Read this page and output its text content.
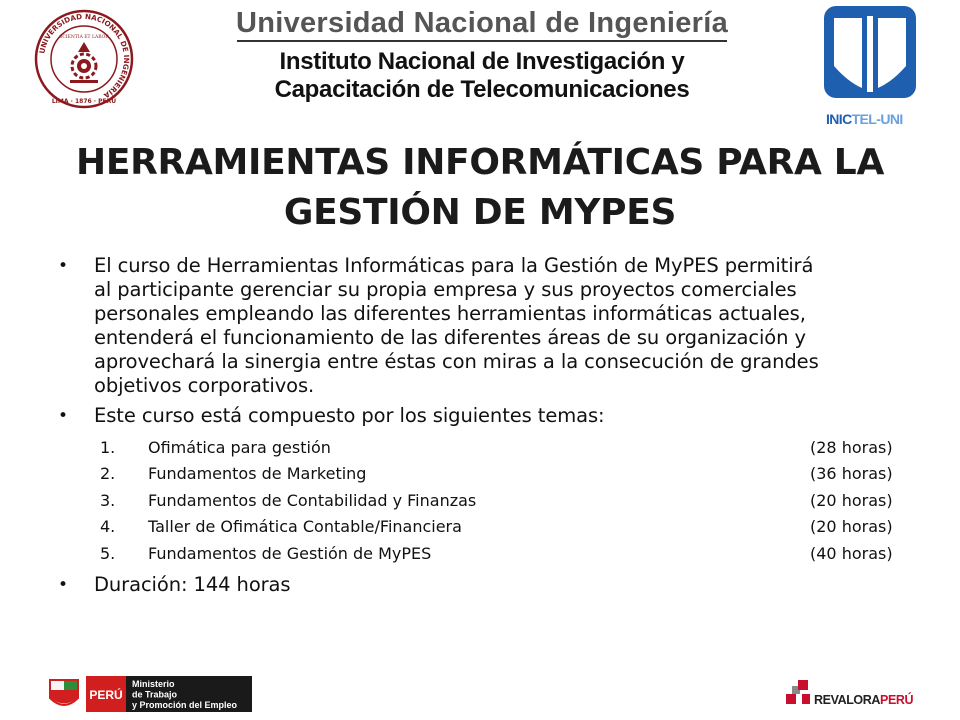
UNIVERSIDAD NACIONAL DE INGENIERÍA
LIMA · 1876 · PERÚ
SCIENTIA ET LABOR	Universidad Nacional de Ingeniería
Instituto Nacional de Investigación y
Capacitación de Telecomunicaciones
INICTEL-UNI
HERRAMIENTAS INFORMÁTICAS PARA LA
GESTIÓN DE MYPES
• El curso de Herramientas Informáticas para la Gestión de MyPES permitirá
al participante gerenciar su propia empresa y sus proyectos comerciales
personales empleando las diferentes herramientas informáticas actuales,
entenderá el funcionamiento de las diferentes áreas de su organización y
aprovechará la sinergia entre éstas con miras a la consecución de grandes
objetivos corporativos.
• Este curso está compuesto por los siguientes temas:
1.	Ofimática para gestión	(28 horas)
2.	Fundamentos de Marketing	(36 horas)
3.	Fundamentos de Contabilidad y Finanzas	(20 horas)
4.	Taller de Ofimática Contable/Financiera	(20 horas)
5.	Fundamentos de Gestión de MyPES	(40 horas)
• Duración: 144 horas
PERÚ
Ministerio
de Trabajo
y Promoción del Empleo	REVALORAPERÚ
